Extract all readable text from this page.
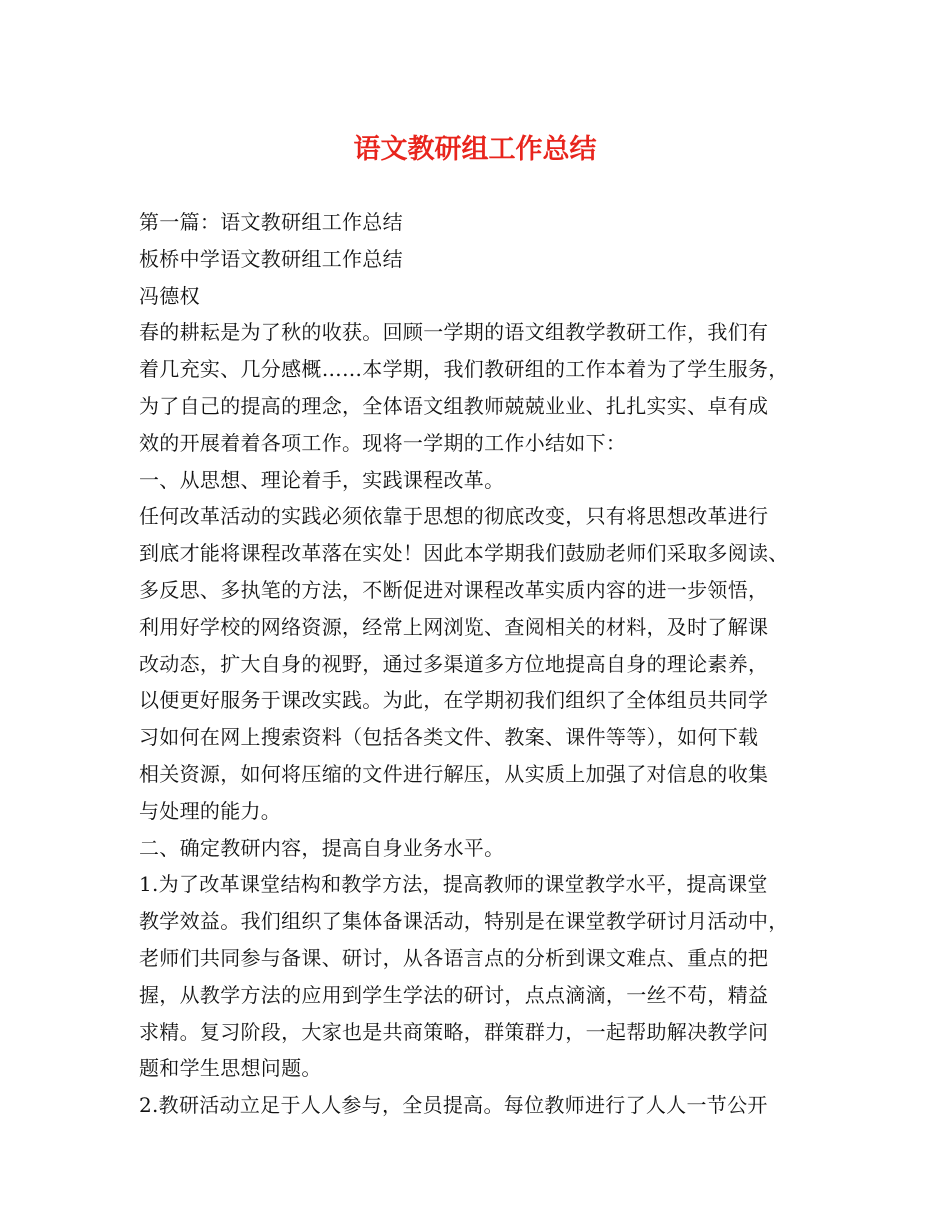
语文教研组工作总结
第一篇：语文教研组工作总结
板桥中学语文教研组工作总结
冯德权
春的耕耘是为了秋的收获。回顾一学期的语文组教学教研工作，我们有
着几充实、几分感概……本学期，我们教研组的工作本着为了学生服务，
为了自己的提高的理念，全体语文组教师兢兢业业、扎扎实实、卓有成
效的开展着着各项工作。现将一学期的工作小结如下：
一、从思想、理论着手，实践课程改革。
任何改革活动的实践必须依靠于思想的彻底改变，只有将思想改革进行
到底才能将课程改革落在实处！因此本学期我们鼓励老师们采取多阅读、
多反思、多执笔的方法，不断促进对课程改革实质内容的进一步领悟，
利用好学校的网络资源，经常上网浏览、查阅相关的材料，及时了解课
改动态，扩大自身的视野，通过多渠道多方位地提高自身的理论素养，
以便更好服务于课改实践。为此，在学期初我们组织了全体组员共同学
习如何在网上搜索资料（包括各类文件、教案、课件等等），如何下载
相关资源，如何将压缩的文件进行解压，从实质上加强了对信息的收集
与处理的能力。
二、确定教研内容，提高自身业务水平。
1.为了改革课堂结构和教学方法，提高教师的课堂教学水平，提高课堂
教学效益。我们组织了集体备课活动，特别是在课堂教学研讨月活动中，
老师们共同参与备课、研讨，从各语言点的分析到课文难点、重点的把
握，从教学方法的应用到学生学法的研讨，点点滴滴，一丝不苟，精益
求精。复习阶段，大家也是共商策略，群策群力，一起帮助解决教学问
题和学生思想问题。
2.教研活动立足于人人参与，全员提高。每位教师进行了人人一节公开
